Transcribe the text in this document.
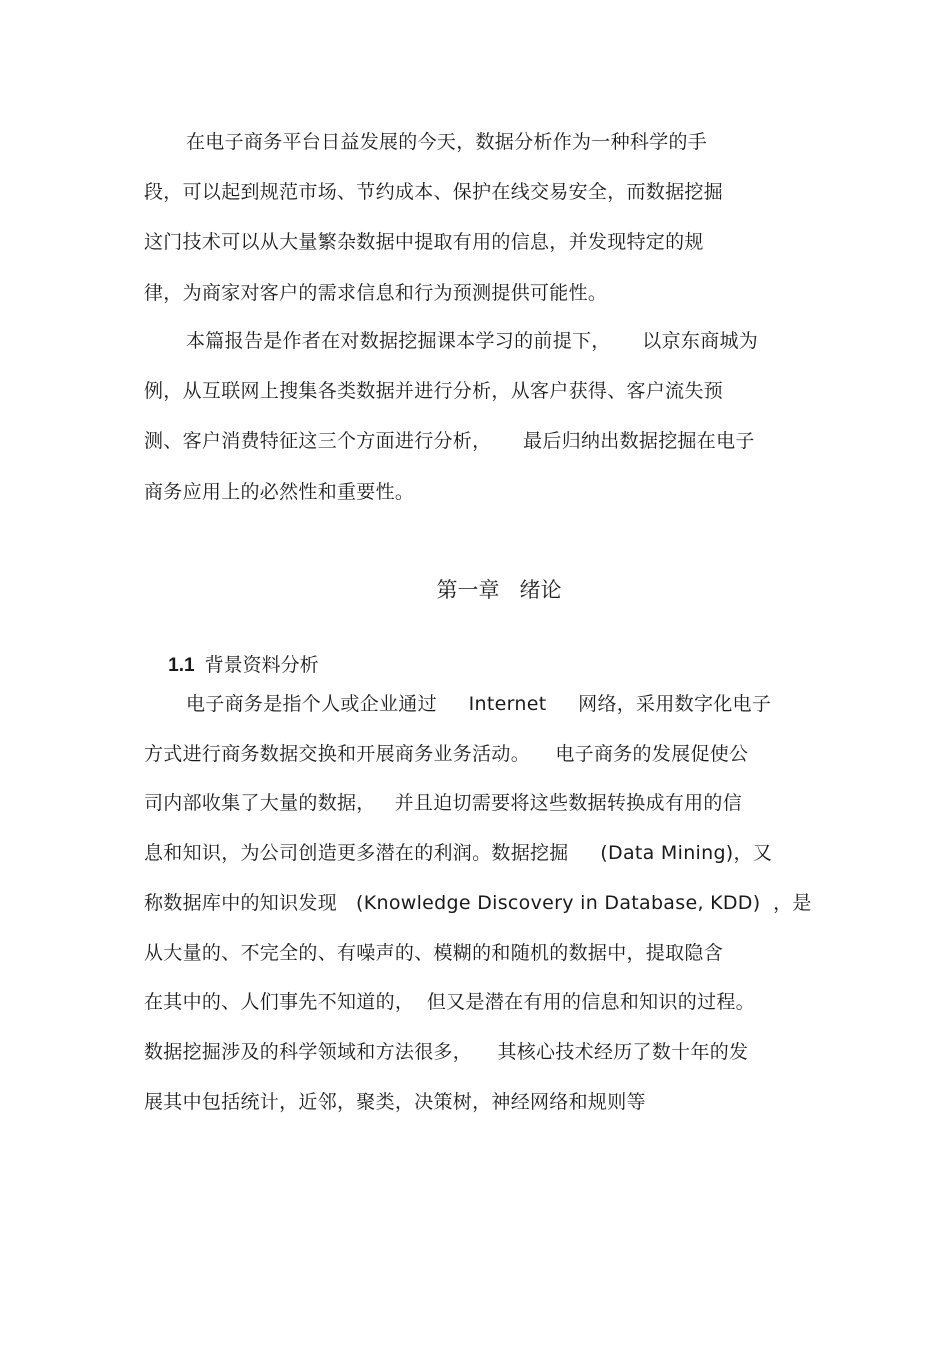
在电子商务平台日益发展的今天，数据分析作为一种科学的手
段，可以起到规范市场、节约成本、保护在线交易安全，而数据挖掘
这门技术可以从大量繁杂数据中提取有用的信息，并发现特定的规
律，为商家对客户的需求信息和行为预测提供可能性。
本篇报告是作者在对数据挖掘课本学习的前提下，     以京东商城为
例，从互联网上搜集各类数据并进行分析，从客户获得、客户流失预
测、客户消费特征这三个方面进行分析，     最后归纳出数据挖掘在电子
商务应用上的必然性和重要性。
第一章   绪论

1.1 背景资料分析

电子商务是指个人或企业通过     Internet     网络，采用数字化电子
方式进行商务数据交换和开展商务业务活动。    电子商务的发展促使公
司内部收集了大量的数据，   并且迫切需要将这些数据转换成有用的信
息和知识，为公司创造更多潜在的利润。数据挖掘     (Data Mining)，又
称数据库中的知识发现   (Knowledge Discovery in Database, KDD)  ，是
从大量的、不完全的、有噪声的、模糊的和随机的数据中，提取隐含
在其中的、人们事先不知道的，  但又是潜在有用的信息和知识的过程。
数据挖掘涉及的科学领域和方法很多，    其核心技术经历了数十年的发
展其中包括统计，近邻，聚类，决策树，神经网络和规则等
